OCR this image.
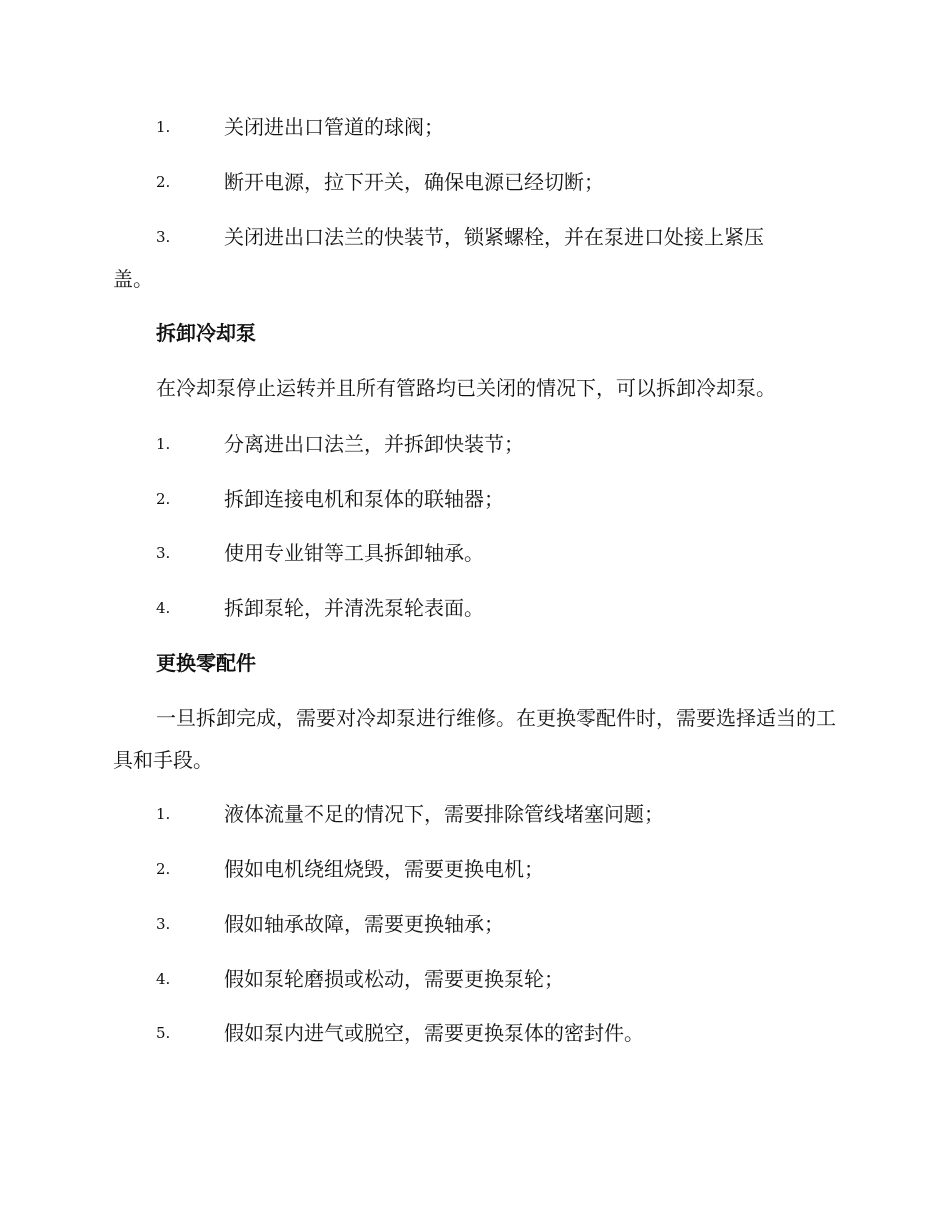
1.	关闭进出口管道的球阀；
2.	断开电源，拉下开关，确保电源已经切断；
3.	关闭进出口法兰的快装节，锁紧螺栓，并在泵进口处接上紧压
盖。
拆卸冷却泵
在冷却泵停止运转并且所有管路均已关闭的情况下，可以拆卸冷却泵。
1.	分离进出口法兰，并拆卸快装节；
2.	拆卸连接电机和泵体的联轴器；
3.	使用专业钳等工具拆卸轴承。
4.	拆卸泵轮，并清洗泵轮表面。
更换零配件
一旦拆卸完成，需要对冷却泵进行维修。在更换零配件时，需要选择适当的工具和手段。
1.	液体流量不足的情况下，需要排除管线堵塞问题；
2.	假如电机绕组烧毁，需要更换电机；
3.	假如轴承故障，需要更换轴承；
4.	假如泵轮磨损或松动，需要更换泵轮；
5.	假如泵内进气或脱空，需要更换泵体的密封件。
